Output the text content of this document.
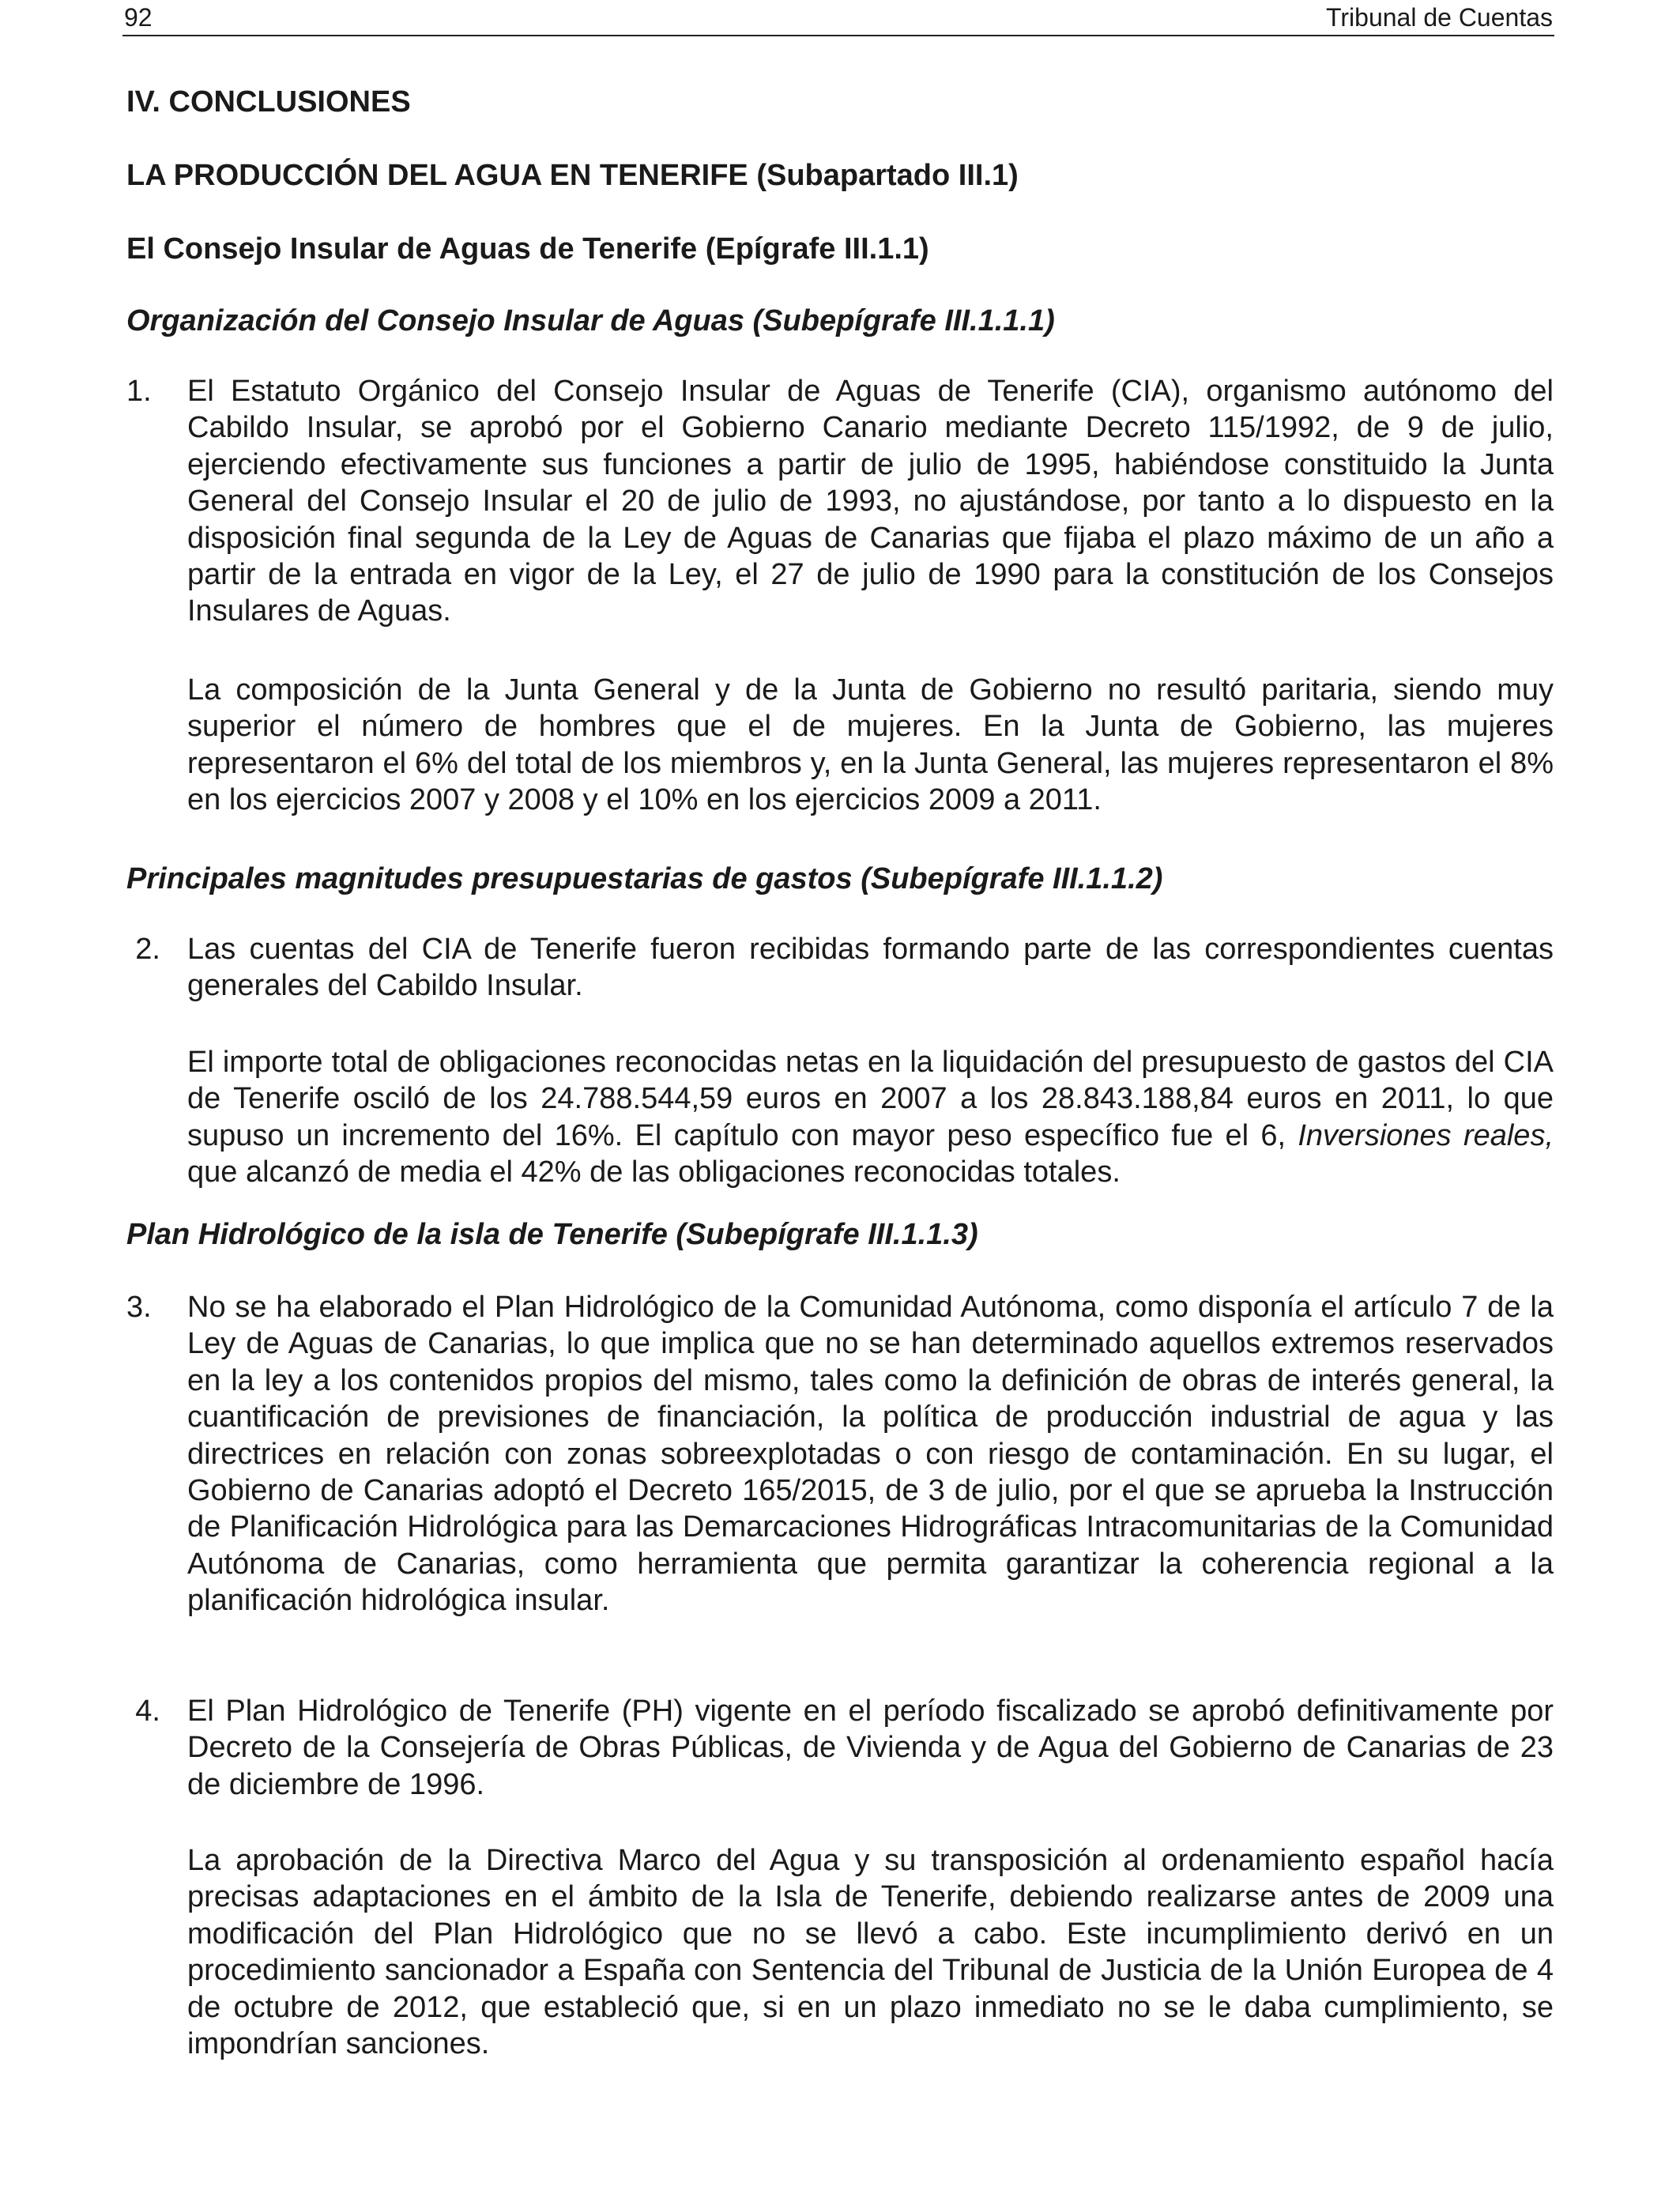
92	Tribunal de Cuentas
IV. CONCLUSIONES
LA PRODUCCIÓN DEL AGUA EN TENERIFE (Subapartado III.1)
El Consejo Insular de Aguas de Tenerife (Epígrafe III.1.1)
Organización del Consejo Insular de Aguas (Subepígrafe III.1.1.1)
1.	El Estatuto Orgánico del Consejo Insular de Aguas de Tenerife (CIA), organismo autónomo del Cabildo Insular, se aprobó por el Gobierno Canario mediante Decreto 115/1992, de 9 de julio, ejerciendo efectivamente sus funciones a partir de julio de 1995, habiéndose constituido la Junta General del Consejo Insular el 20 de julio de 1993, no ajustándose, por tanto a lo dispuesto en la disposición final segunda de la Ley de Aguas de Canarias que fijaba el plazo máximo de un año a partir de la entrada en vigor de la Ley, el 27 de julio de 1990 para la constitución de los Consejos Insulares de Aguas.

La composición de la Junta General y de la Junta de Gobierno no resultó paritaria, siendo muy superior el número de hombres que el de mujeres. En la Junta de Gobierno, las mujeres representaron el 6% del total de los miembros y, en la Junta General, las mujeres representaron el 8% en los ejercicios 2007 y 2008 y el 10% en los ejercicios 2009 a 2011.

Principales magnitudes presupuestarias de gastos (Subepígrafe III.1.1.2)
2. Las cuentas del CIA de Tenerife fueron recibidas formando parte de las correspondientes cuentas generales del Cabildo Insular.

El importe total de obligaciones reconocidas netas en la liquidación del presupuesto de gastos del CIA de Tenerife osciló de los 24.788.544,59 euros en 2007 a los 28.843.188,84 euros en 2011, lo que supuso un incremento del 16%. El capítulo con mayor peso específico fue el 6, Inversiones reales, que alcanzó de media el 42% de las obligaciones reconocidas totales.

Plan Hidrológico de la isla de Tenerife (Subepígrafe III.1.1.3)
3.	No se ha elaborado el Plan Hidrológico de la Comunidad Autónoma, como disponía el artículo 7 de la Ley de Aguas de Canarias, lo que implica que no se han determinado aquellos extremos reservados en la ley a los contenidos propios del mismo, tales como la definición de obras de interés general, la cuantificación de previsiones de financiación, la política de producción industrial de agua y las directrices en relación con zonas sobreexplotadas o con riesgo de contaminación. En su lugar, el Gobierno de Canarias adoptó el Decreto 165/2015, de 3 de julio, por el que se aprueba la Instrucción de Planificación Hidrológica para las Demarcaciones Hidrográficas Intracomunitarias de la Comunidad Autónoma de Canarias, como herramienta que permita garantizar la coherencia regional a la planificación hidrológica insular.

4. El Plan Hidrológico de Tenerife (PH) vigente en el período fiscalizado se aprobó definitivamente por Decreto de la Consejería de Obras Públicas, de Vivienda y de Agua del Gobierno de Canarias de 23 de diciembre de 1996.

La aprobación de la Directiva Marco del Agua y su transposición al ordenamiento español hacía precisas adaptaciones en el ámbito de la Isla de Tenerife, debiendo realizarse antes de 2009 una modificación del Plan Hidrológico que no se llevó a cabo. Este incumplimiento derivó en un procedimiento sancionador a España con Sentencia del Tribunal de Justicia de la Unión Europea de 4 de octubre de 2012, que estableció que, si en un plazo inmediato no se le daba cumplimiento, se impondrían sanciones.
